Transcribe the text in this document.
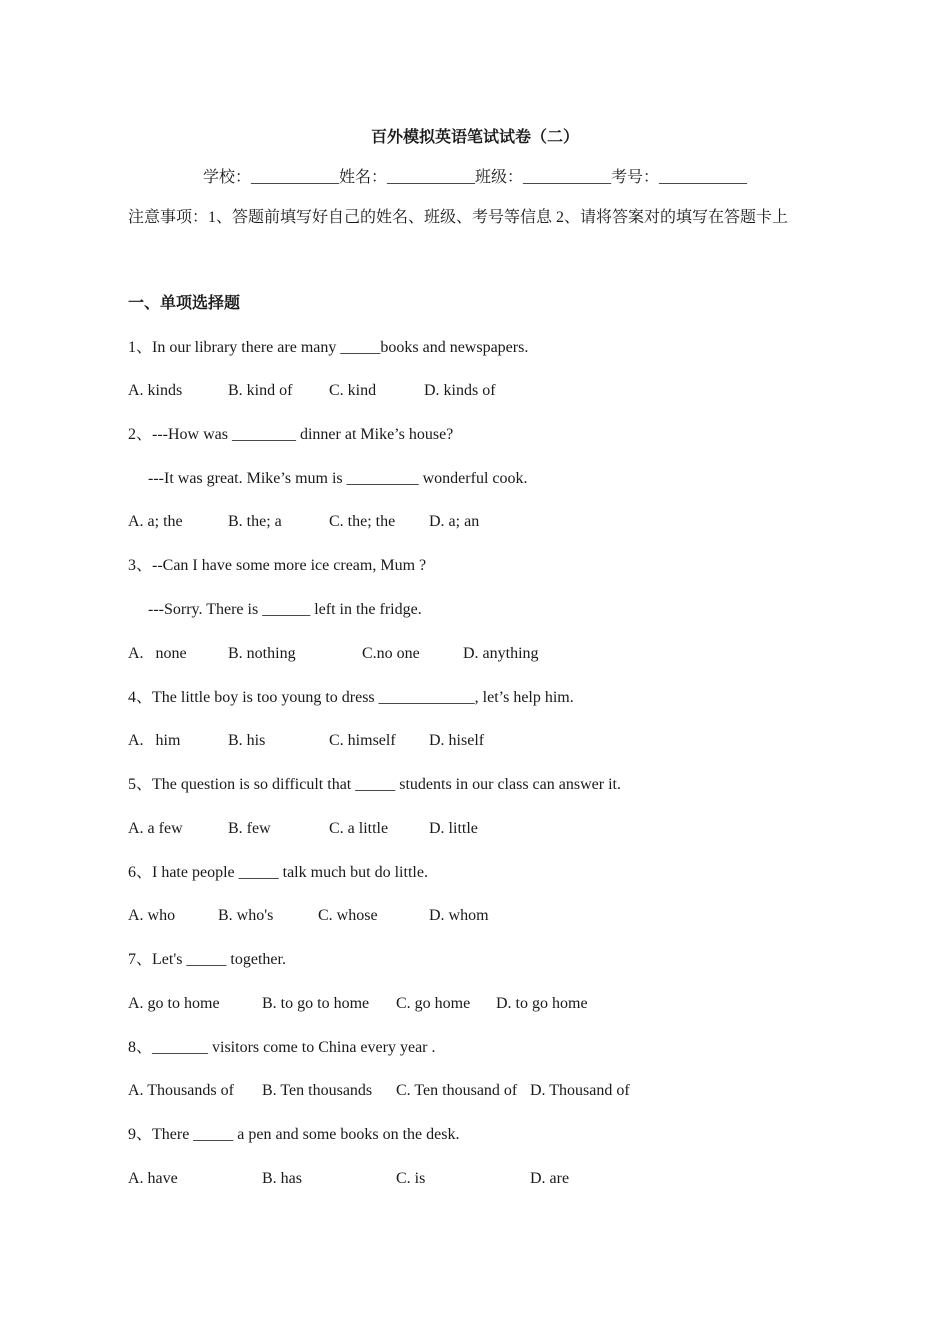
百外模拟英语笔试试卷（二）
学校：___________姓名：___________班级：___________考号：___________
注意事项：1、答题前填写好自己的姓名、班级、考号等信息 2、请将答案对的填写在答题卡上
一、单项选择题
1、In our library there are many _____books and newspapers.
A. kinds	B. kind of C. kind	D. kinds of
2、---How was ________ dinner at Mike’s house?
---It was great. Mike’s mum is _________ wonderful cook.
A. a; the	B. the; a	C. the; the D. a; an
3、--Can I have some more ice cream, Mum ?
---Sorry. There is ______ left in the fridge.
A.   none	B. nothing	C.no one	D. anything
4、The little boy is too young to dress ____________, let’s help him.
A.   him	B. his	C. himself D. hiself
5、The question is so difficult that _____ students in our class can answer it.
A. a few	B. few	C. a little	D. little
6、I hate people _____ talk much but do little.
A. who	B. who's	C. whose	D. whom
7、Let's _____ together.
A. go to home	B. to go to home C. go home D. to go home
8、_______ visitors come to China every year .
A. Thousands of B. Ten thousands C. Ten thousand of D. Thousand of
9、There _____ a pen and some books on the desk.
A. have	B. has	C. is	D. are
